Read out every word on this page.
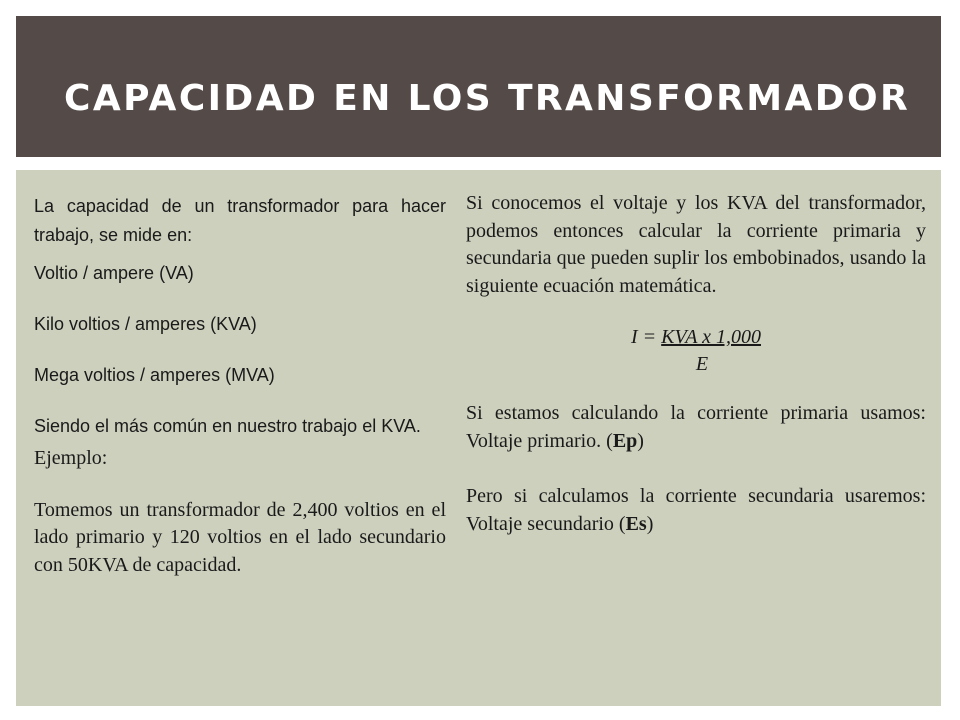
CAPACIDAD EN LOS TRANSFORMADOR

La capacidad de un transformador para hacer trabajo, se mide en:

Voltio / ampere (VA)

Kilo voltios / amperes (KVA)

Mega voltios / amperes (MVA)

Siendo el más común en nuestro trabajo el KVA.

Ejemplo:

Tomemos un transformador de 2,400 voltios en el lado primario y 120 voltios en el lado secundario con 50KVA de capacidad.

Si conocemos el voltaje y los KVA del transformador, podemos entonces calcular la corriente primaria y secundaria que pueden suplir los embobinados, usando la siguiente ecuación matemática.

I = KVA x 1,000
E

Si estamos calculando la corriente primaria usamos: Voltaje primario. (Ep)

Pero si calculamos la corriente secundaria usaremos: Voltaje secundario (Es)
